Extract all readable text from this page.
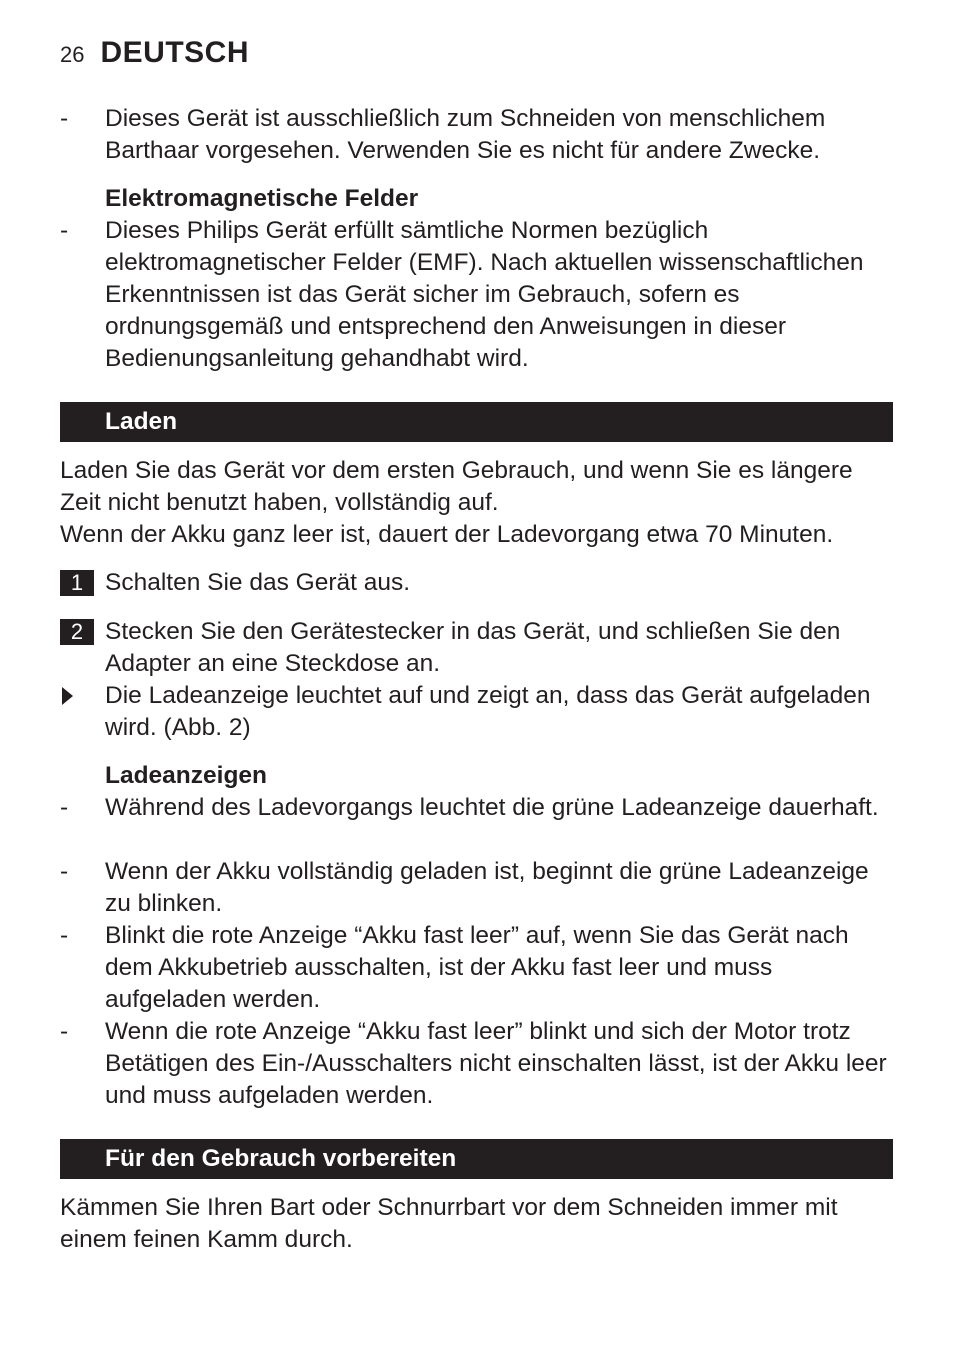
26 DEUTSCH
-	Dieses Gerät ist ausschließlich zum Schneiden von menschlichem Barthaar vorgesehen. Verwenden Sie es nicht für andere Zwecke.
Elektromagnetische Felder
-	Dieses Philips Gerät erfüllt sämtliche Normen bezüglich elektromagnetischer Felder (EMF). Nach aktuellen wissenschaftlichen Erkenntnissen ist das Gerät sicher im Gebrauch, sofern es ordnungsgemäß und entsprechend den Anweisungen in dieser Bedienungsanleitung gehandhabt wird.
Laden
Laden Sie das Gerät vor dem ersten Gebrauch, und wenn Sie es längere Zeit nicht benutzt haben, vollständig auf.
Wenn der Akku ganz leer ist, dauert der Ladevorgang etwa 70 Minuten.
1 Schalten Sie das Gerät aus.
2 Stecken Sie den Gerätestecker in das Gerät, und schließen Sie den Adapter an eine Steckdose an.
Die Ladeanzeige leuchtet auf und zeigt an, dass das Gerät aufgeladen wird. (Abb. 2)
Ladeanzeigen
-	Während des Ladevorgangs leuchtet die grüne Ladeanzeige dauerhaft.
-	Wenn der Akku vollständig geladen ist, beginnt die grüne Ladeanzeige zu blinken.
-	Blinkt die rote Anzeige “Akku fast leer” auf, wenn Sie das Gerät nach dem Akkubetrieb ausschalten, ist der Akku fast leer und muss aufgeladen werden.
-	Wenn die rote Anzeige “Akku fast leer” blinkt und sich der Motor trotz Betätigen des Ein-/Ausschalters nicht einschalten lässt, ist der Akku leer und muss aufgeladen werden.
Für den Gebrauch vorbereiten
Kämmen Sie Ihren Bart oder Schnurrbart vor dem Schneiden immer mit einem feinen Kamm durch.
